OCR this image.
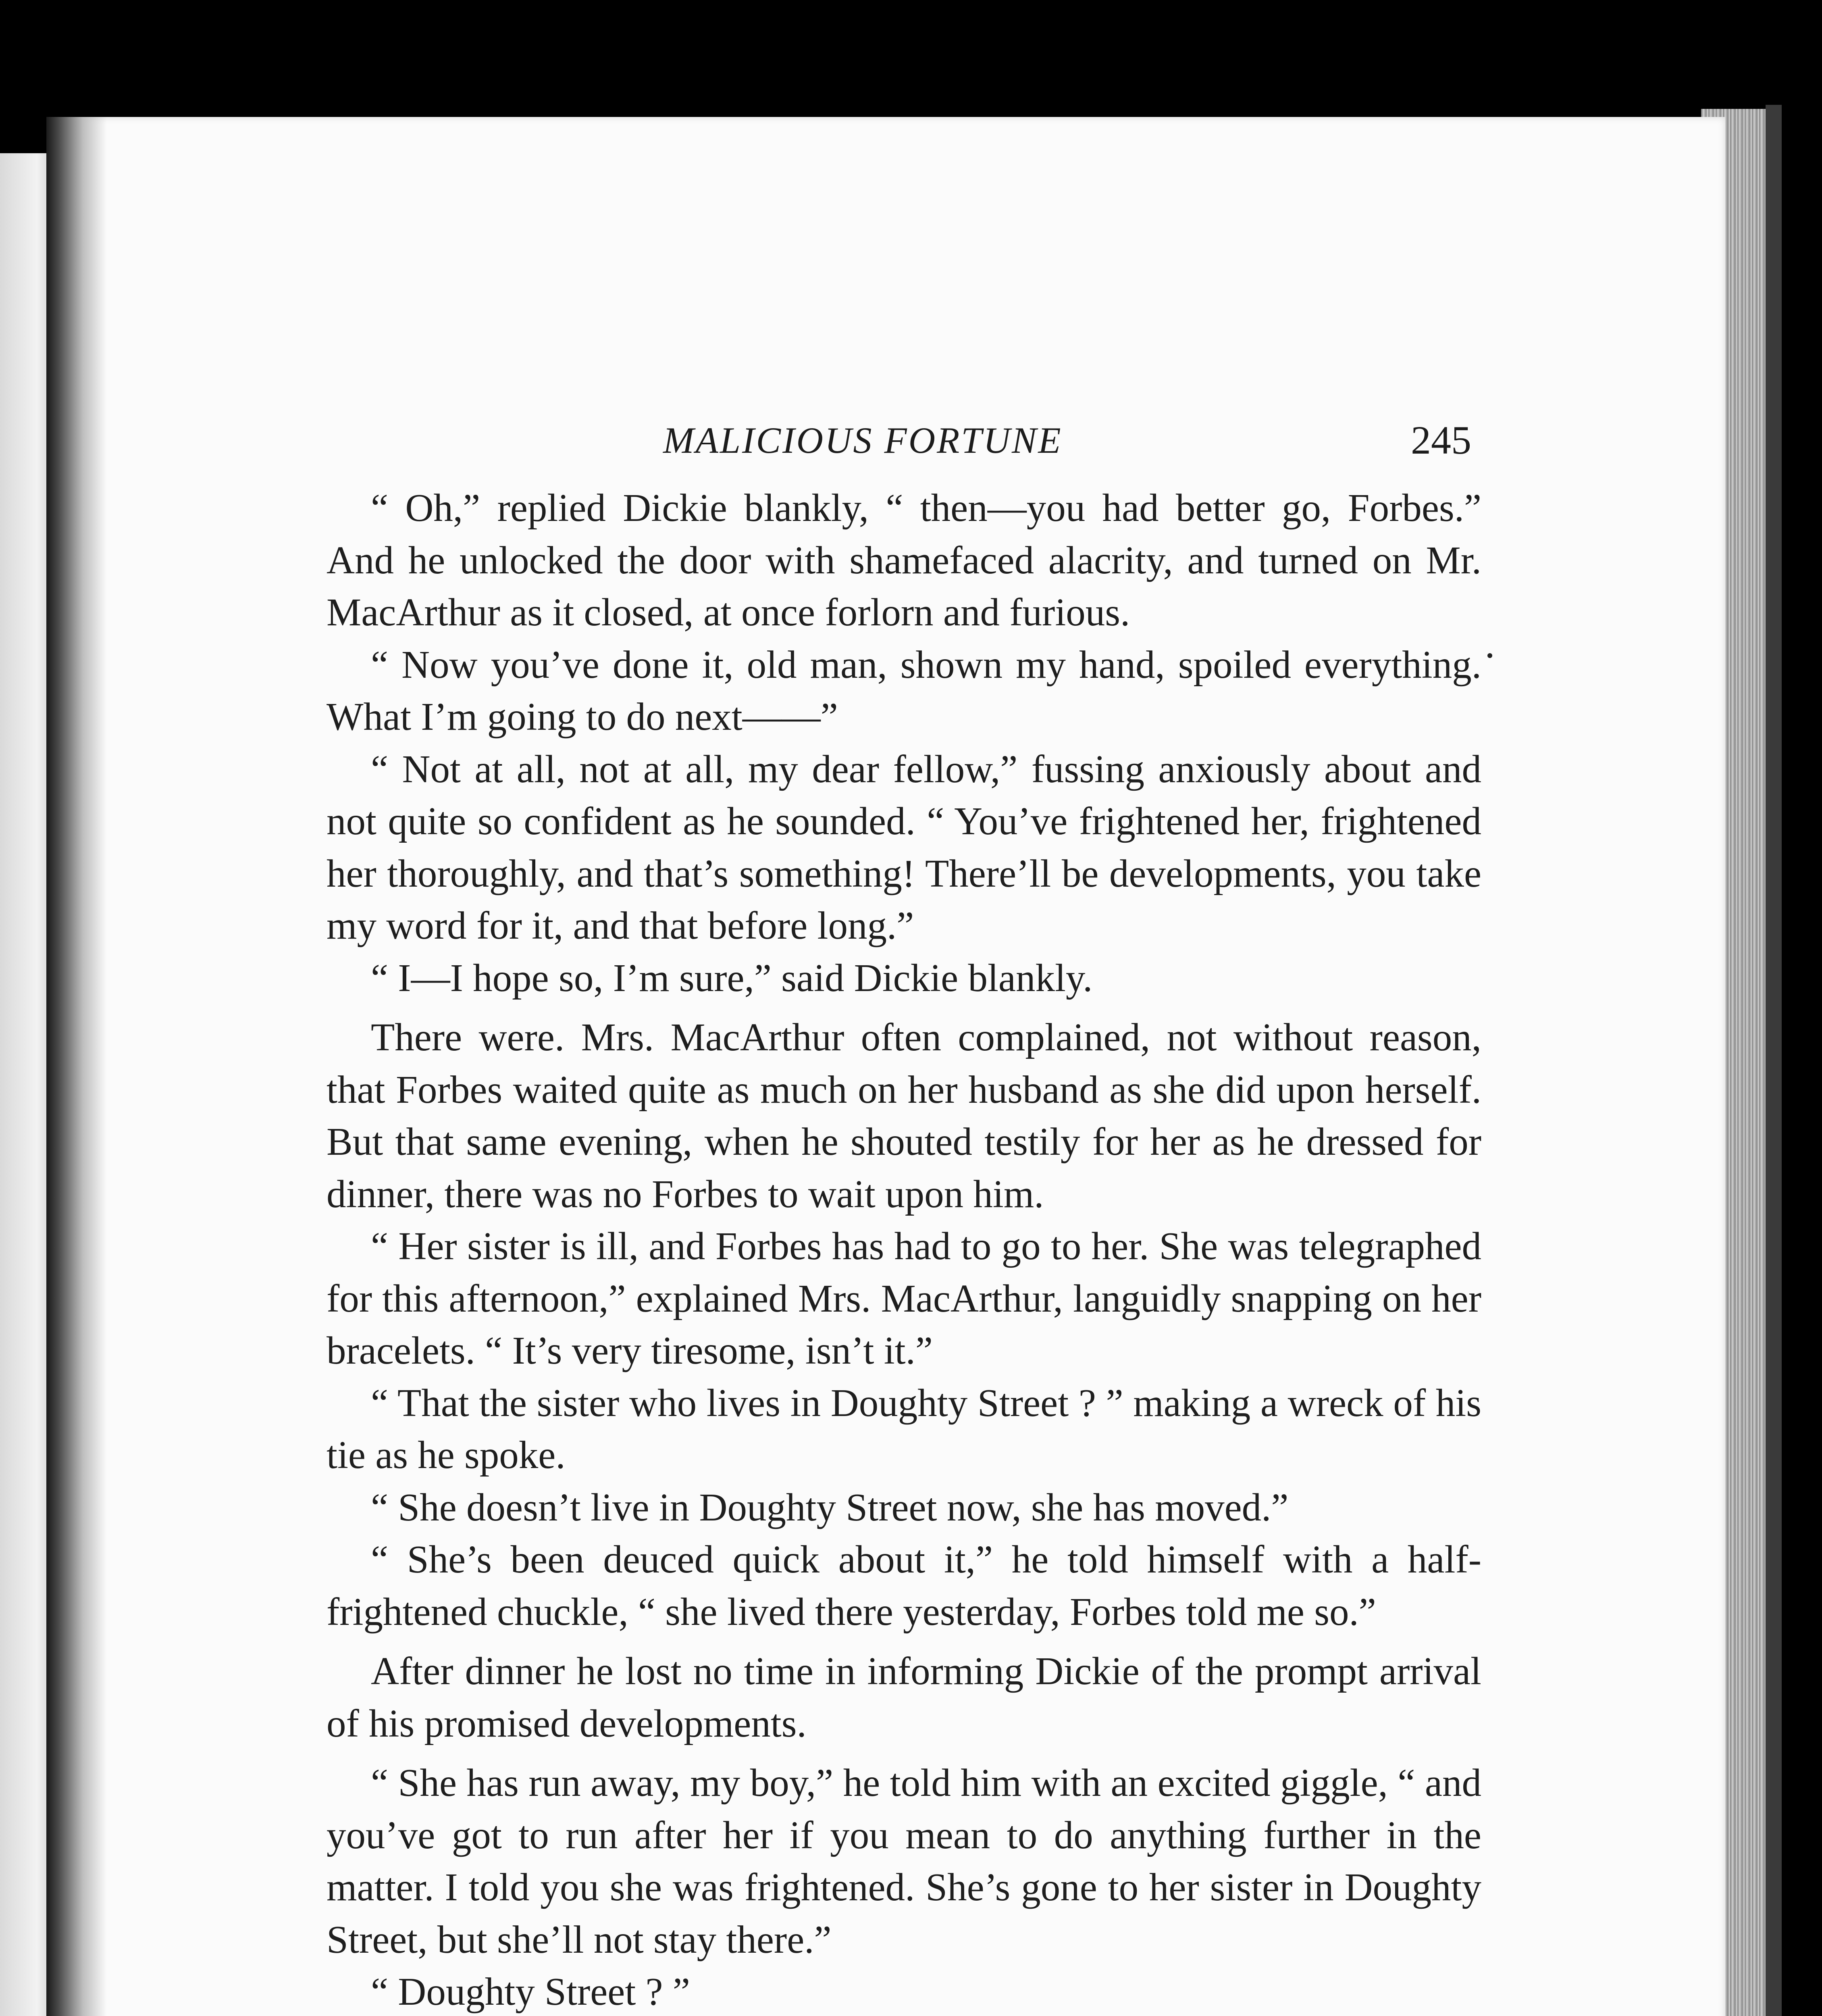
MALICIOUS FORTUNE	245

“ Oh,” replied Dickie blankly, “ then—you had better go, Forbes.” And he unlocked the door with shamefaced alacrity, and turned on Mr. MacArthur as it closed, at once forlorn and furious.

“ Now you’ve done it, old man, shown my hand, spoiled everything. What I’m going to do next——”

“ Not at all, not at all, my dear fellow,” fussing anxiously about and not quite so confident as he sounded. “ You’ve frightened her, frightened her thoroughly, and that’s something! There’ll be developments, you take my word for it, and that before long.”

“ I—I hope so, I’m sure,” said Dickie blankly.

There were. Mrs. MacArthur often complained, not without reason, that Forbes waited quite as much on her husband as she did upon herself. But that same evening, when he shouted testily for her as he dressed for dinner, there was no Forbes to wait upon him.

“ Her sister is ill, and Forbes has had to go to her. She was telegraphed for this afternoon,” explained Mrs. MacArthur, languidly snapping on her bracelets. “ It’s very tiresome, isn’t it.”

“ That the sister who lives in Doughty Street ? ” making a wreck of his tie as he spoke.

“ She doesn’t live in Doughty Street now, she has moved.”

“ She’s been deuced quick about it,” he told himself with a half-frightened chuckle, “ she lived there yesterday, Forbes told me so.”

After dinner he lost no time in informing Dickie of the prompt arrival of his promised developments.

“ She has run away, my boy,” he told him with an excited giggle, “ and you’ve got to run after her if you mean to do anything further in the matter. I told you she was frightened. She’s gone to her sister in Doughty Street, but she’ll not stay there.”

“ Doughty Street ? ”
